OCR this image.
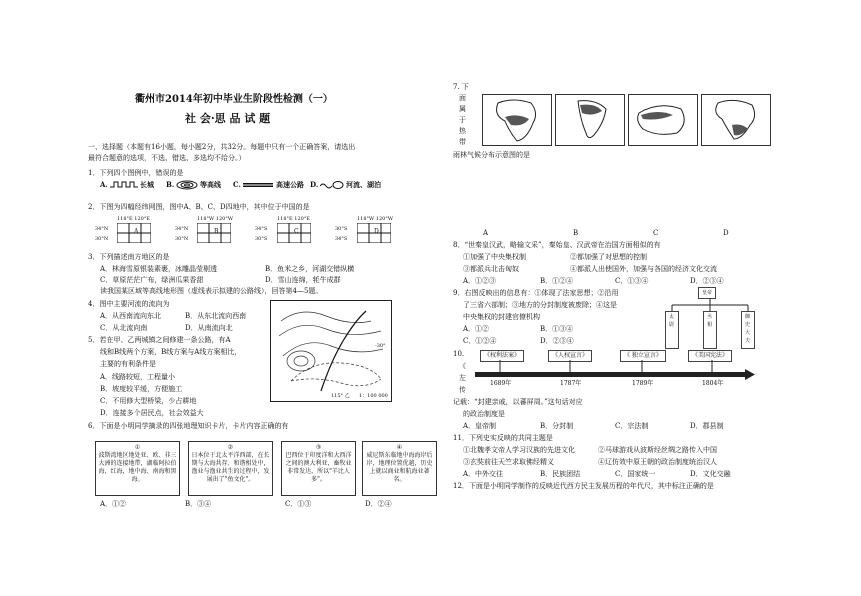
衢州市2014年初中毕业生阶段性检测（一）
社 会·思 品 试 题
一、选择题（本题有16小题，每小题2分，共32分。每题中只有一个正确答案，请选出
最符合题意的选项，不选、错选、多选均不给分。）
1．下列四个图例中，错误的是
A.	长城 B.	等高线 C.	高速公路 D.	河流、湖泊
2．下图为四幅经纬网图，图中A、B、C、D四地中，其中位于中国的是
118°E 120°E
34°N
30°N
A
118°W 120°W
34°N
30°N
B
118°E 120°E
34°S
30°S
C
118°W 120°W
30°S
34°S
D
3．下列描述南方地区的是
A．林海雪原银装素裹，冰雕晶莹剔透	B．鱼米之乡，河湖交错纵横
C．草原茫茫广布，绿洲瓜果香甜	D．雪山连绵，牦牛成群
读我国某区域等高线地形图（虚线表示拟建的公路线），回答第4—5题。
4．图中主要河流的流向为
A．从西南流向东北	B．从东北流向西南
C．从北流向南	D．从南流向北
5．若在甲、乙两城镇之间修建一条公路，有A
线和B线两个方案，B线方案与A线方案相比，
主要的有利条件是
A．线路较短，工程量小
B．坡度较平缓，方便施工
C．不用修大型桥梁，少占耕地
D．连接多个居民点，社会效益大
-30°
115° 乙 1：100 000
6．下面是小明同学摘录的四张地理知识卡片，卡片内容正确的有
①
波斯湾地区地处亚、欧、非三大洲的连接地带，湖临阿拉伯海，红海，地中海、南海和黑海。
②
日本位于北太平洋西部，在长期与大海共存、和谐相处中，渔业与渔业共生的过程中，发展出了"鱼文化"。
③
巴西位于印度洋和大西洋之间的澳大利亚，畜牧业非常发达，所以"羊比人多"。
④
威尼斯东临地中海海岸后岸，地理位置优越，历史上就以商业和航海业著名。
A．①②	B．③④	C．①③	D．②④
7. 下
面
属
于
热
带
雨林气候分布示意图的是
A	B	C	D
8．“世秦皇汉武，略输文采”，秦始皇、汉武帝在治国方面相似的有
①加强了中央集权制	②都加强了对思想的控制
③都派兵北击匈奴	④都派人出使国外，加强与各国的经济文化交流
A．①②③	B．①②④	C．①③④	D．②③④
9．右图反映出的信息有：①体现了法家思想；②沿用
了三省六部制；③地方的分封制度被废除；④这是
中央集权的封建官僚机构
A．①②	B．①③④
C．①②④	D．②③④
皇帝
太尉
丞相
御史大夫
10.
《
左
传
《权利法案》	《人权宣言》	《 独立宣言》	《美国宪法》
1689年	1787年	1789年	1804年
记载：“封建亲戚，以蕃屏周。”这句话对应
的政治制度是
A．皇帝制	B．分封制	C．宗法制	D．郡县制
11．下列史实反映的共同主题是
①北魏孝文帝人学习汉族的先进文化	②马球游戏从波斯经丝绸之路传入中国
③玄奘前往天竺求取佛经精义	④辽仿效中原王朝的政治制度统治汉人
A．中外交往	B．民族团结	C．国家统一	D．文化交融
12．下面是小明同学制作的反映近代西方民主发展历程的年代尺，其中标注正确的是
